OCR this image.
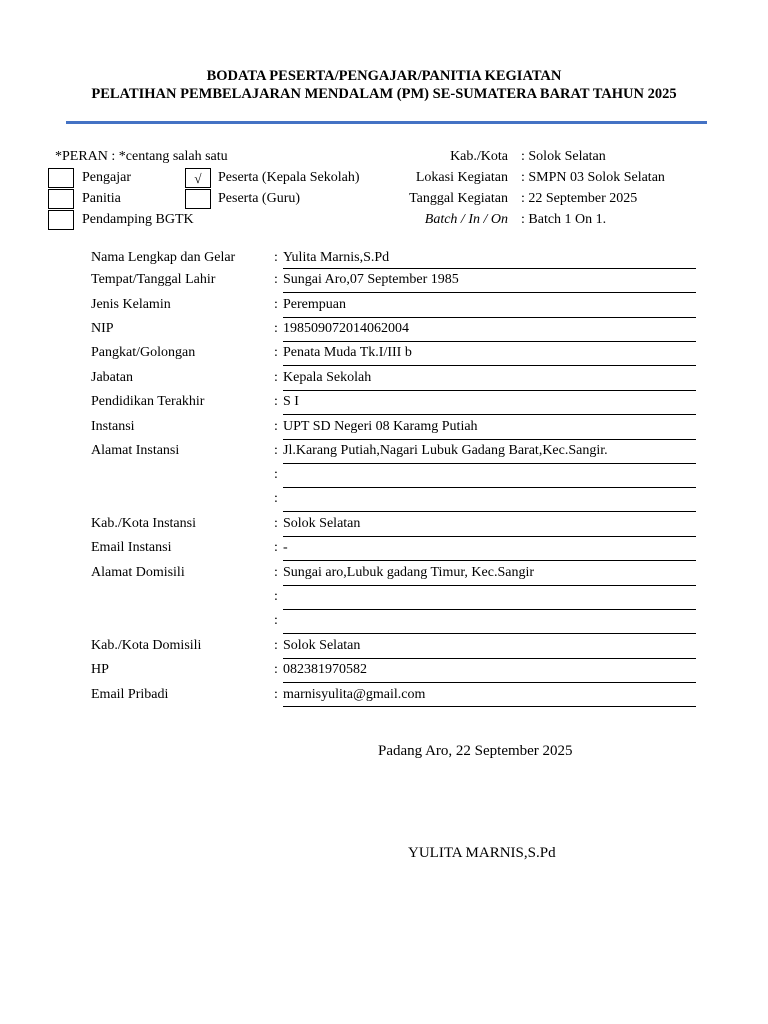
BODATA PESERTA/PENGAJAR/PANITIA KEGIATAN
PELATIHAN PEMBELAJARAN MENDALAM (PM) SE-SUMATERA BARAT TAHUN 2025
*PERAN : *centang salah satu
Pengajar
Panitia
Pendamping BGTK
√	Peserta (Kepala Sekolah)
Peserta (Guru)
Kab./Kota : Solok Selatan
Lokasi Kegiatan : SMPN 03 Solok Selatan
Tanggal Kegiatan : 22 September 2025
Batch / In / On : Batch 1 On 1.
Nama Lengkap dan Gelar	: Yulita Marnis,S.Pd
Tempat/Tanggal Lahir	: Sungai Aro,07 September 1985
Jenis Kelamin	: Perempuan
NIP	: 198509072014062004
Pangkat/Golongan	: Penata Muda Tk.I/III b
Jabatan	: Kepala Sekolah
Pendidikan Terakhir	: S I
Instansi	: UPT SD Negeri 08 Karamg Putiah
Alamat Instansi	: Jl.Karang Putiah,Nagari Lubuk Gadang Barat,Kec.Sangir.
:
:
Kab./Kota Instansi	: Solok Selatan
Email Instansi	: -
Alamat Domisili	: Sungai aro,Lubuk gadang Timur, Kec.Sangir
:
:
Kab./Kota Domisili	: Solok Selatan
HP	: 082381970582
Email Pribadi	: marnisyulita@gmail.com
Padang Aro, 22 September 2025
YULITA MARNIS,S.Pd
